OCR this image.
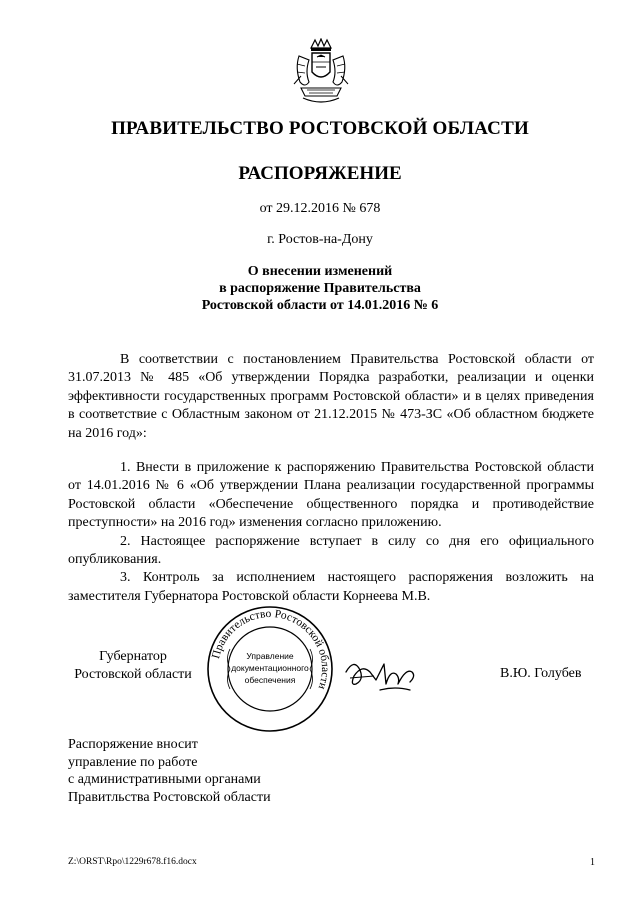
ПРАВИТЕЛЬСТВО РОСТОВСКОЙ ОБЛАСТИ
РАСПОРЯЖЕНИЕ
от 29.12.2016 № 678
г. Ростов-на-Дону
О внесении изменений
в распоряжение Правительства
Ростовской области от 14.01.2016 № 6

В соответствии с постановлением Правительства Ростовской области от 31.07.2013 № 485 «Об утверждении Порядка разработки, реализации и оценки эффективности государственных программ Ростовской области» и в целях приведения в соответствие с Областным законом от 21.12.2015 № 473-ЗС «Об областном бюджете на 2016 год»:

1. Внести в приложение к распоряжению Правительства Ростовской области от 14.01.2016 № 6 «Об утверждении Плана реализации государственной программы Ростовской области «Обеспечение общественного порядка и противодействие преступности» на 2016 год» изменения согласно приложению.

2. Настоящее распоряжение вступает в силу со дня его официального опубликования.

3. Контроль за исполнением настоящего распоряжения возложить на заместителя Губернатора Ростовской области Корнеева М.В.

Губернатор
Ростовской области
Правительство Ростовской области
Управление
документационного
обеспечения	В.Ю. Голубев
Распоряжение вносит
управление по работе
с административными органами
Правитльства Ростовской области
Z:\ORST\Rpo\1229r678.f16.docx	1
